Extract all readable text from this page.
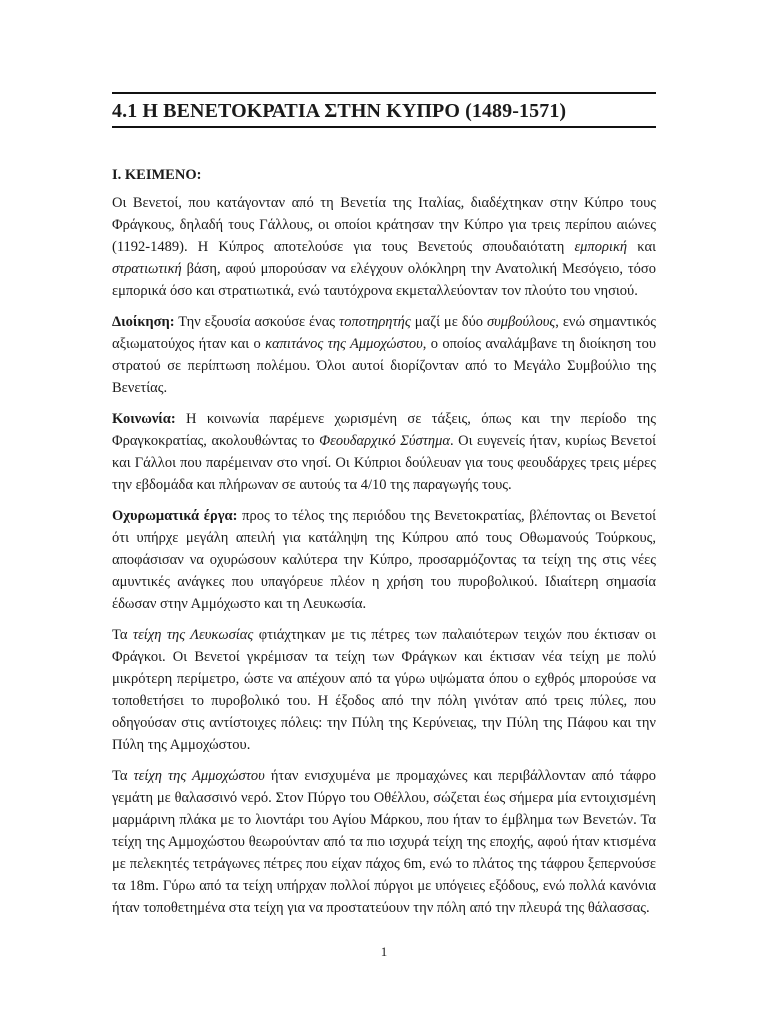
4.1 Η ΒΕΝΕΤΟΚΡΑΤΙΑ ΣΤΗΝ ΚΥΠΡΟ (1489-1571)
Ι. ΚΕΙΜΕΝΟ:

Οι Βενετοί, που κατάγονταν από τη Βενετία της Ιταλίας, διαδέχτηκαν στην Κύπρο τους Φράγκους, δηλαδή τους Γάλλους, οι οποίοι κράτησαν την Κύπρο για τρεις περίπου αιώνες (1192-1489). Η Κύπρος αποτελούσε για τους Βενετούς σπουδαιότατη εμπορική και στρατιωτική βάση, αφού μπορούσαν να ελέγχουν ολόκληρη την Ανατολική Μεσόγειο, τόσο εμπορικά όσο και στρατιωτικά, ενώ ταυτόχρονα εκμεταλλεύονταν τον πλούτο του νησιού.

Διοίκηση: Την εξουσία ασκούσε ένας τοποτηρητής μαζί με δύο συμβούλους, ενώ σημαντικός αξιωματούχος ήταν και ο καπιτάνος της Αμμοχώστου, ο οποίος αναλάμβανε τη διοίκηση του στρατού σε περίπτωση πολέμου. Όλοι αυτοί διορίζονταν από το Μεγάλο Συμβούλιο της Βενετίας.

Κοινωνία: Η κοινωνία παρέμενε χωρισμένη σε τάξεις, όπως και την περίοδο της Φραγκοκρατίας, ακολουθώντας το Φεουδαρχικό Σύστημα. Οι ευγενείς ήταν, κυρίως Βενετοί και Γάλλοι που παρέμειναν στο νησί. Οι Κύπριοι δούλευαν για τους φεουδάρχες τρεις μέρες την εβδομάδα και πλήρωναν σε αυτούς τα 4/10 της παραγωγής τους.

Οχυρωματικά έργα: προς το τέλος της περιόδου της Βενετοκρατίας, βλέποντας οι Βενετοί ότι υπήρχε μεγάλη απειλή για κατάληψη της Κύπρου από τους Οθωμανούς Τούρκους, αποφάσισαν να οχυρώσουν καλύτερα την Κύπρο, προσαρμόζοντας τα τείχη της στις νέες αμυντικές ανάγκες που υπαγόρευε πλέον η χρήση του πυροβολικού. Ιδιαίτερη σημασία έδωσαν στην Αμμόχωστο και τη Λευκωσία.

Τα τείχη της Λευκωσίας φτιάχτηκαν με τις πέτρες των παλαιότερων τειχών που έκτισαν οι Φράγκοι. Οι Βενετοί γκρέμισαν τα τείχη των Φράγκων και έκτισαν νέα τείχη με πολύ μικρότερη περίμετρο, ώστε να απέχουν από τα γύρω υψώματα όπου ο εχθρός μπορούσε να τοποθετήσει το πυροβολικό του. Η έξοδος από την πόλη γινόταν από τρεις πύλες, που οδηγούσαν στις αντίστοιχες πόλεις: την Πύλη της Κερύνειας, την Πύλη της Πάφου και την Πύλη της Αμμοχώστου.

Τα τείχη της Αμμοχώστου ήταν ενισχυμένα με προμαχώνες και περιβάλλονταν από τάφρο γεμάτη με θαλασσινό νερό. Στον Πύργο του Οθέλλου, σώζεται έως σήμερα μία εντοιχισμένη μαρμάρινη πλάκα με το λιοντάρι του Αγίου Μάρκου, που ήταν το έμβλημα των Βενετών. Τα τείχη της Αμμοχώστου θεωρούνταν από τα πιο ισχυρά τείχη της εποχής, αφού ήταν κτισμένα με πελεκητές τετράγωνες πέτρες που είχαν πάχος 6m, ενώ το πλάτος της τάφρου ξεπερνούσε τα 18m. Γύρω από τα τείχη υπήρχαν πολλοί πύργοι με υπόγειες εξόδους, ενώ πολλά κανόνια ήταν τοποθετημένα στα τείχη για να προστατεύουν την πόλη από την πλευρά της θάλασσας.

1
